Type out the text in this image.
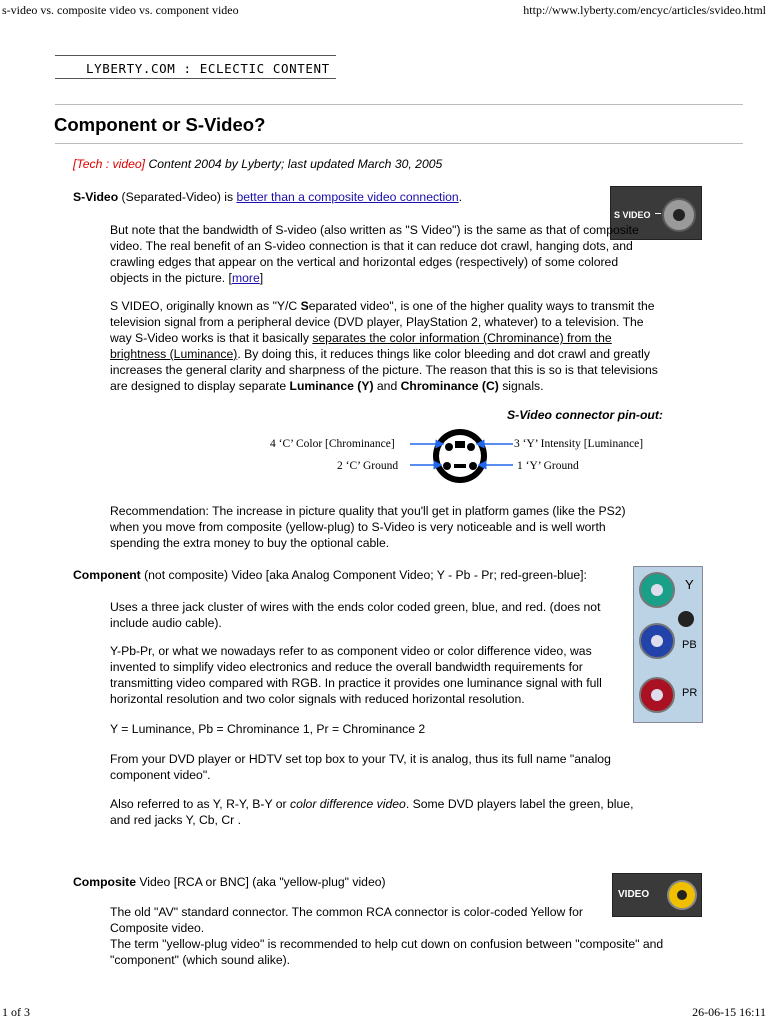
s-video vs. composite video vs. component video	http://www.lyberty.com/encyc/articles/svideo.html
1 of 3	26-06-15 16:11
LYBERTY.COM : ECLECTIC CONTENT
Component or S-Video?
[Tech : video] Content 2004 by Lyberty; last updated March 30, 2005
S-Video (Separated-Video) is better than a composite video connection.
S VIDEO
But note that the bandwidth of S-video (also written as "S Video") is the same as that of composite video. The real benefit of an S-video connection is that it can reduce dot crawl, hanging dots, and crawling edges that appear on the vertical and horizontal edges (respectively) of some colored objects in the picture. [more]
S VIDEO, originally known as "Y/C Separated video", is one of the higher quality ways to transmit the television signal from a peripheral device (DVD player, PlayStation 2, whatever) to a television. The way S-Video works is that it basically separates the color information (Chrominance) from the brightness (Luminance). By doing this, it reduces things like color bleeding and dot crawl and greatly increases the general clarity and sharpness of the picture. The reason that this is so is that televisions are designed to display separate Luminance (Y) and Chrominance (C) signals.
S-Video connector pin-out:
4 ‘C’ Color [Chrominance]
2 ‘C’ Ground
3 ‘Y’ Intensity [Luminance]
1 ‘Y’ Ground
Recommendation: The increase in picture quality that you'll get in platform games (like the PS2) when you move from composite (yellow-plug) to S-Video is very noticeable and is well worth spending the extra money to buy the optional cable.
Component (not composite) Video [aka Analog Component Video; Y - Pb - Pr; red-green-blue]:
Y
PB
PR
Uses a three jack cluster of wires with the ends color coded green, blue, and red. (does not include audio cable).
Y-Pb-Pr, or what we nowadays refer to as component video or color difference video, was invented to simplify video electronics and reduce the overall bandwidth requirements for transmitting video compared with RGB. In practice it provides one luminance signal with full horizontal resolution and two color signals with reduced horizontal resolution.
Y = Luminance, Pb = Chrominance 1, Pr = Chrominance 2
From your DVD player or HDTV set top box to your TV, it is analog, thus its full name "analog component video".
Also referred to as Y, R-Y, B-Y or color difference video. Some DVD players label the green, blue, and red jacks Y, Cb, Cr .
Composite Video [RCA or BNC] (aka "yellow-plug" video)
VIDEO
The old "AV" standard connector. The common RCA connector is color-coded Yellow for Composite video.
The term "yellow-plug video" is recommended to help cut down on confusion between "composite" and "component" (which sound alike).
